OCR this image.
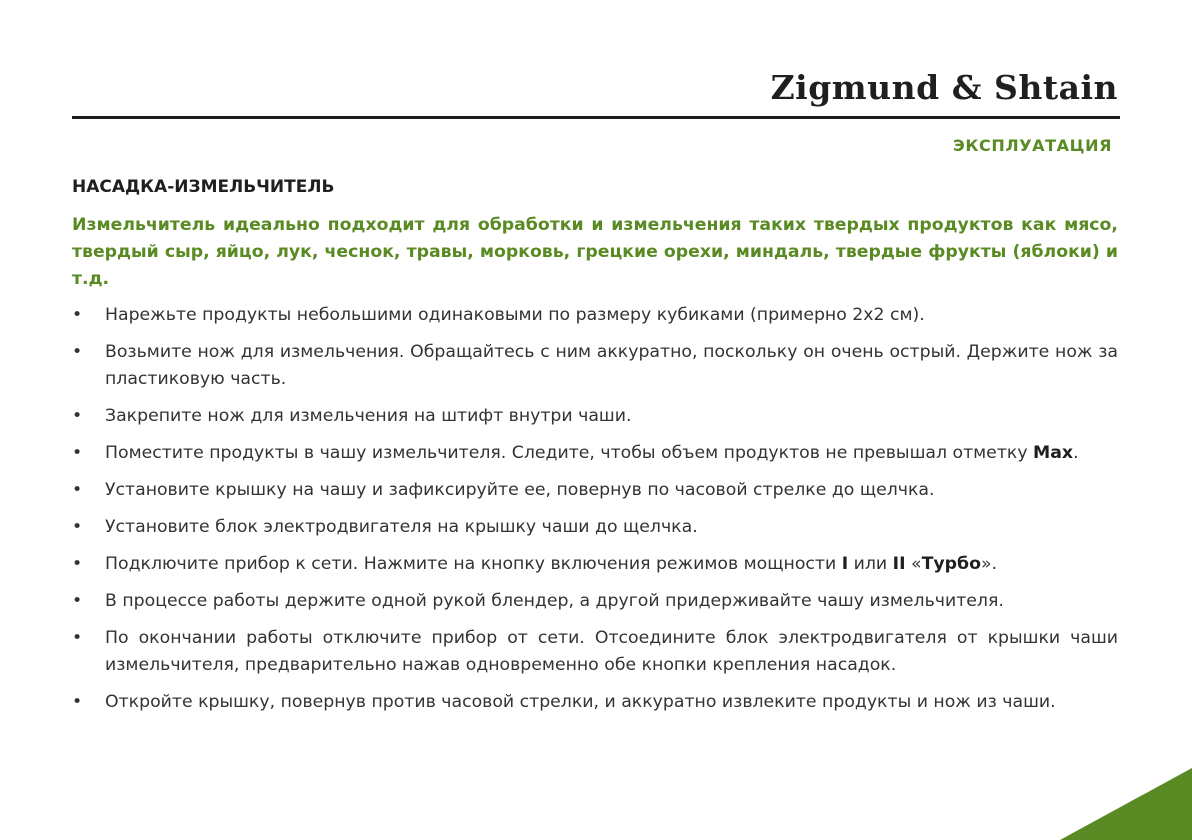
Zigmund & Shtain
ЭКСПЛУАТАЦИЯ
НАСАДКА-ИЗМЕЛЬЧИТЕЛЬ

Измельчитель идеально подходит для обработки и измельчения таких твердых продуктов как мясо, твердый сыр, яйцо, лук, чеснок, травы, морковь, грецкие орехи, миндаль, твердые фрукты (яблоки) и т.д.

• Нарежьте продукты небольшими одинаковыми по размеру кубиками (примерно 2х2 см).
• Возьмите нож для измельчения. Обращайтесь с ним аккуратно, поскольку он очень острый. Держите нож за пластиковую часть.
• Закрепите нож для измельчения на штифт внутри чаши.
• Поместите продукты в чашу измельчителя. Следите, чтобы объем продуктов не превышал отметку Max.
• Установите крышку на чашу и зафиксируйте ее, повернув по часовой стрелке до щелчка.
• Установите блок электродвигателя на крышку чаши до щелчка.
• Подключите прибор к сети. Нажмите на кнопку включения режимов мощности I или II «Турбо».
• В процессе работы держите одной рукой блендер, а другой придерживайте чашу измельчителя.
• По окончании работы отключите прибор от сети. Отсоедините блок электродвигателя от крышки чаши измельчителя, предварительно нажав одновременно обе кнопки крепления насадок.
• Откройте крышку, повернув против часовой стрелки, и аккуратно извлеките продукты и нож из чаши.
